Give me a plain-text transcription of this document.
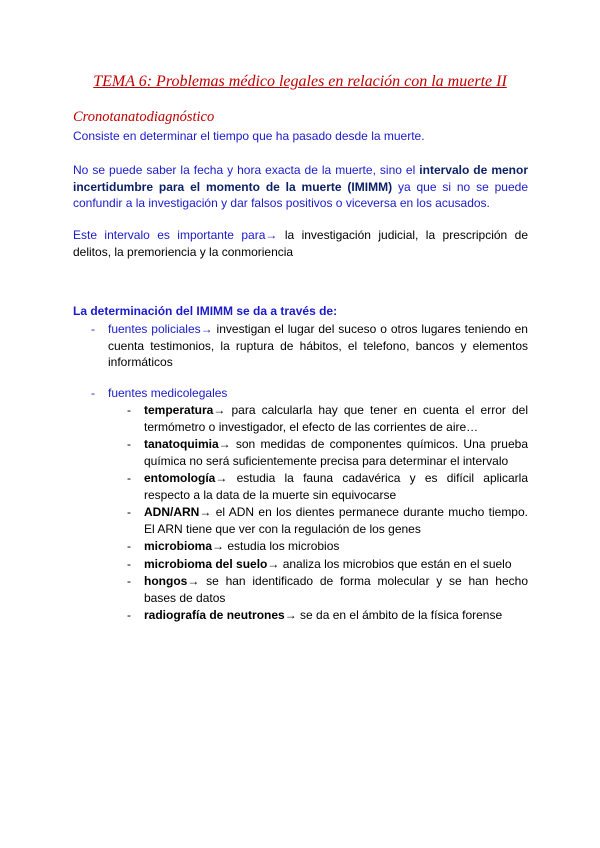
TEMA 6: Problemas médico legales en relación con la muerte II
Cronotanatodiagnóstico
Consiste en determinar el tiempo que ha pasado desde la muerte.
No se puede saber la fecha y hora exacta de la muerte, sino el intervalo de menor incertidumbre para el momento de la muerte (IMIMM) ya que si no se puede confundir a la investigación y dar falsos positivos o viceversa en los acusados.
Este intervalo es importante para→ la investigación judicial, la prescripción de delitos, la premoriencia y la conmoriencia
La determinación del IMIMM se da a través de:
- fuentes policiales→ investigan el lugar del suceso o otros lugares teniendo en cuenta testimonios, la ruptura de hábitos, el telefono, bancos y elementos informáticos
- fuentes medicolegales
- temperatura→ para calcularla hay que tener en cuenta el error del termómetro o investigador, el efecto de las corrientes de aire…
- tanatoquimia→ son medidas de componentes químicos. Una prueba química no será suficientemente precisa para determinar el intervalo
- entomología→ estudia la fauna cadavérica y es difícil aplicarla respecto a la data de la muerte sin equivocarse
- ADN/ARN→ el ADN en los dientes permanece durante mucho tiempo. El ARN tiene que ver con la regulación de los genes
- microbioma→ estudia los microbios
- microbioma del suelo→ analiza los microbios que están en el suelo
- hongos→ se han identificado de forma molecular y se han hecho bases de datos
- radiografía de neutrones→ se da en el ámbito de la física forense
